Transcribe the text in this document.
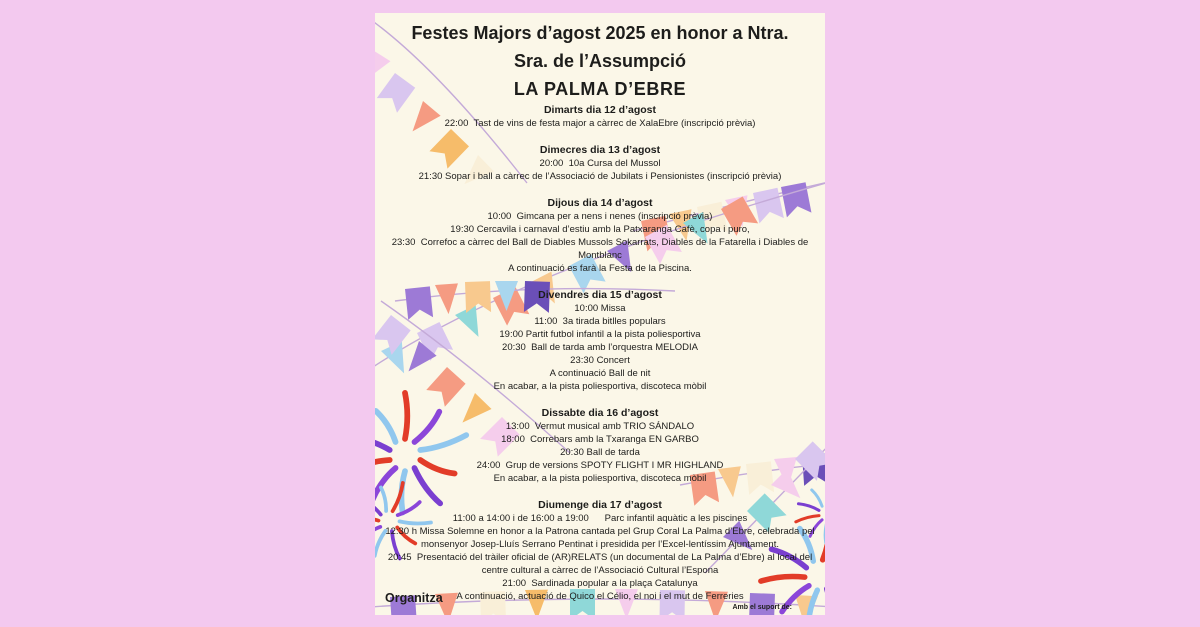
Festes Majors d’agost 2025 en honor a Ntra.
Sra. de l’Assumpció
LA PALMA D’EBRE
Dimarts dia 12 d’agost
22:00  Tast de vins de festa major a càrrec de XalaEbre (inscripció prèvia)
Dimecres dia 13 d’agost
20:00  10a Cursa del Mussol
21:30 Sopar i ball a càrrec de l’Associació de Jubilats i Pensionistes (inscripció prèvia)
Dijous dia 14 d’agost
10:00  Gimcana per a nens i nenes (inscripció prèvia)
19:30 Cercavila i carnaval d’estiu amb la Patxaranga Cafè, copa i puro,
23:30  Correfoc a càrrec del Ball de Diables Mussols Sokarrats, Diables de la Fatarella i Diables de Montblanc
A continuació es farà la Festa de la Piscina.
Divendres dia 15 d’agost
10:00 Missa
11:00  3a tirada bitlles populars
19:00 Partit futbol infantil a la pista poliesportiva
20:30  Ball de tarda amb l’orquestra MELODIA
23:30 Concert
A continuació Ball de nit
En acabar, a la pista poliesportiva, discoteca mòbil
Dissabte dia 16 d’agost
13:00  Vermut musical amb TRIO SÁNDALO
18:00  Correbars amb la Txaranga EN GARBO
20:30 Ball de tarda
24:00  Grup de versions SPOTY FLIGHT I MR HIGHLAND
En acabar, a la pista poliesportiva, discoteca mòbil
Diumenge dia 17 d’agost
11:00 a 14:00 i de 16:00 a 19:00      Parc infantil aquàtic a les piscines
12:30 h Missa Solemne en honor a la Patrona cantada pel Grup Coral La Palma d’Ebre, celebrada pel monsenyor Josep-Lluís Serrano Pentinat i presidida per l’Excel-lentíssim Ajuntament.
20:45  Presentació del tràiler oficial de (AR)RELATS (un documental de La Palma d’Ebre) al local del centre cultural a càrrec de l’Associació Cultural l’Espona
21:00  Sardinada popular a la plaça Catalunya
A continuació, actuació de Quico el Célio, el noi i el mut de Ferreries
Organitza
Amb el suport de:
